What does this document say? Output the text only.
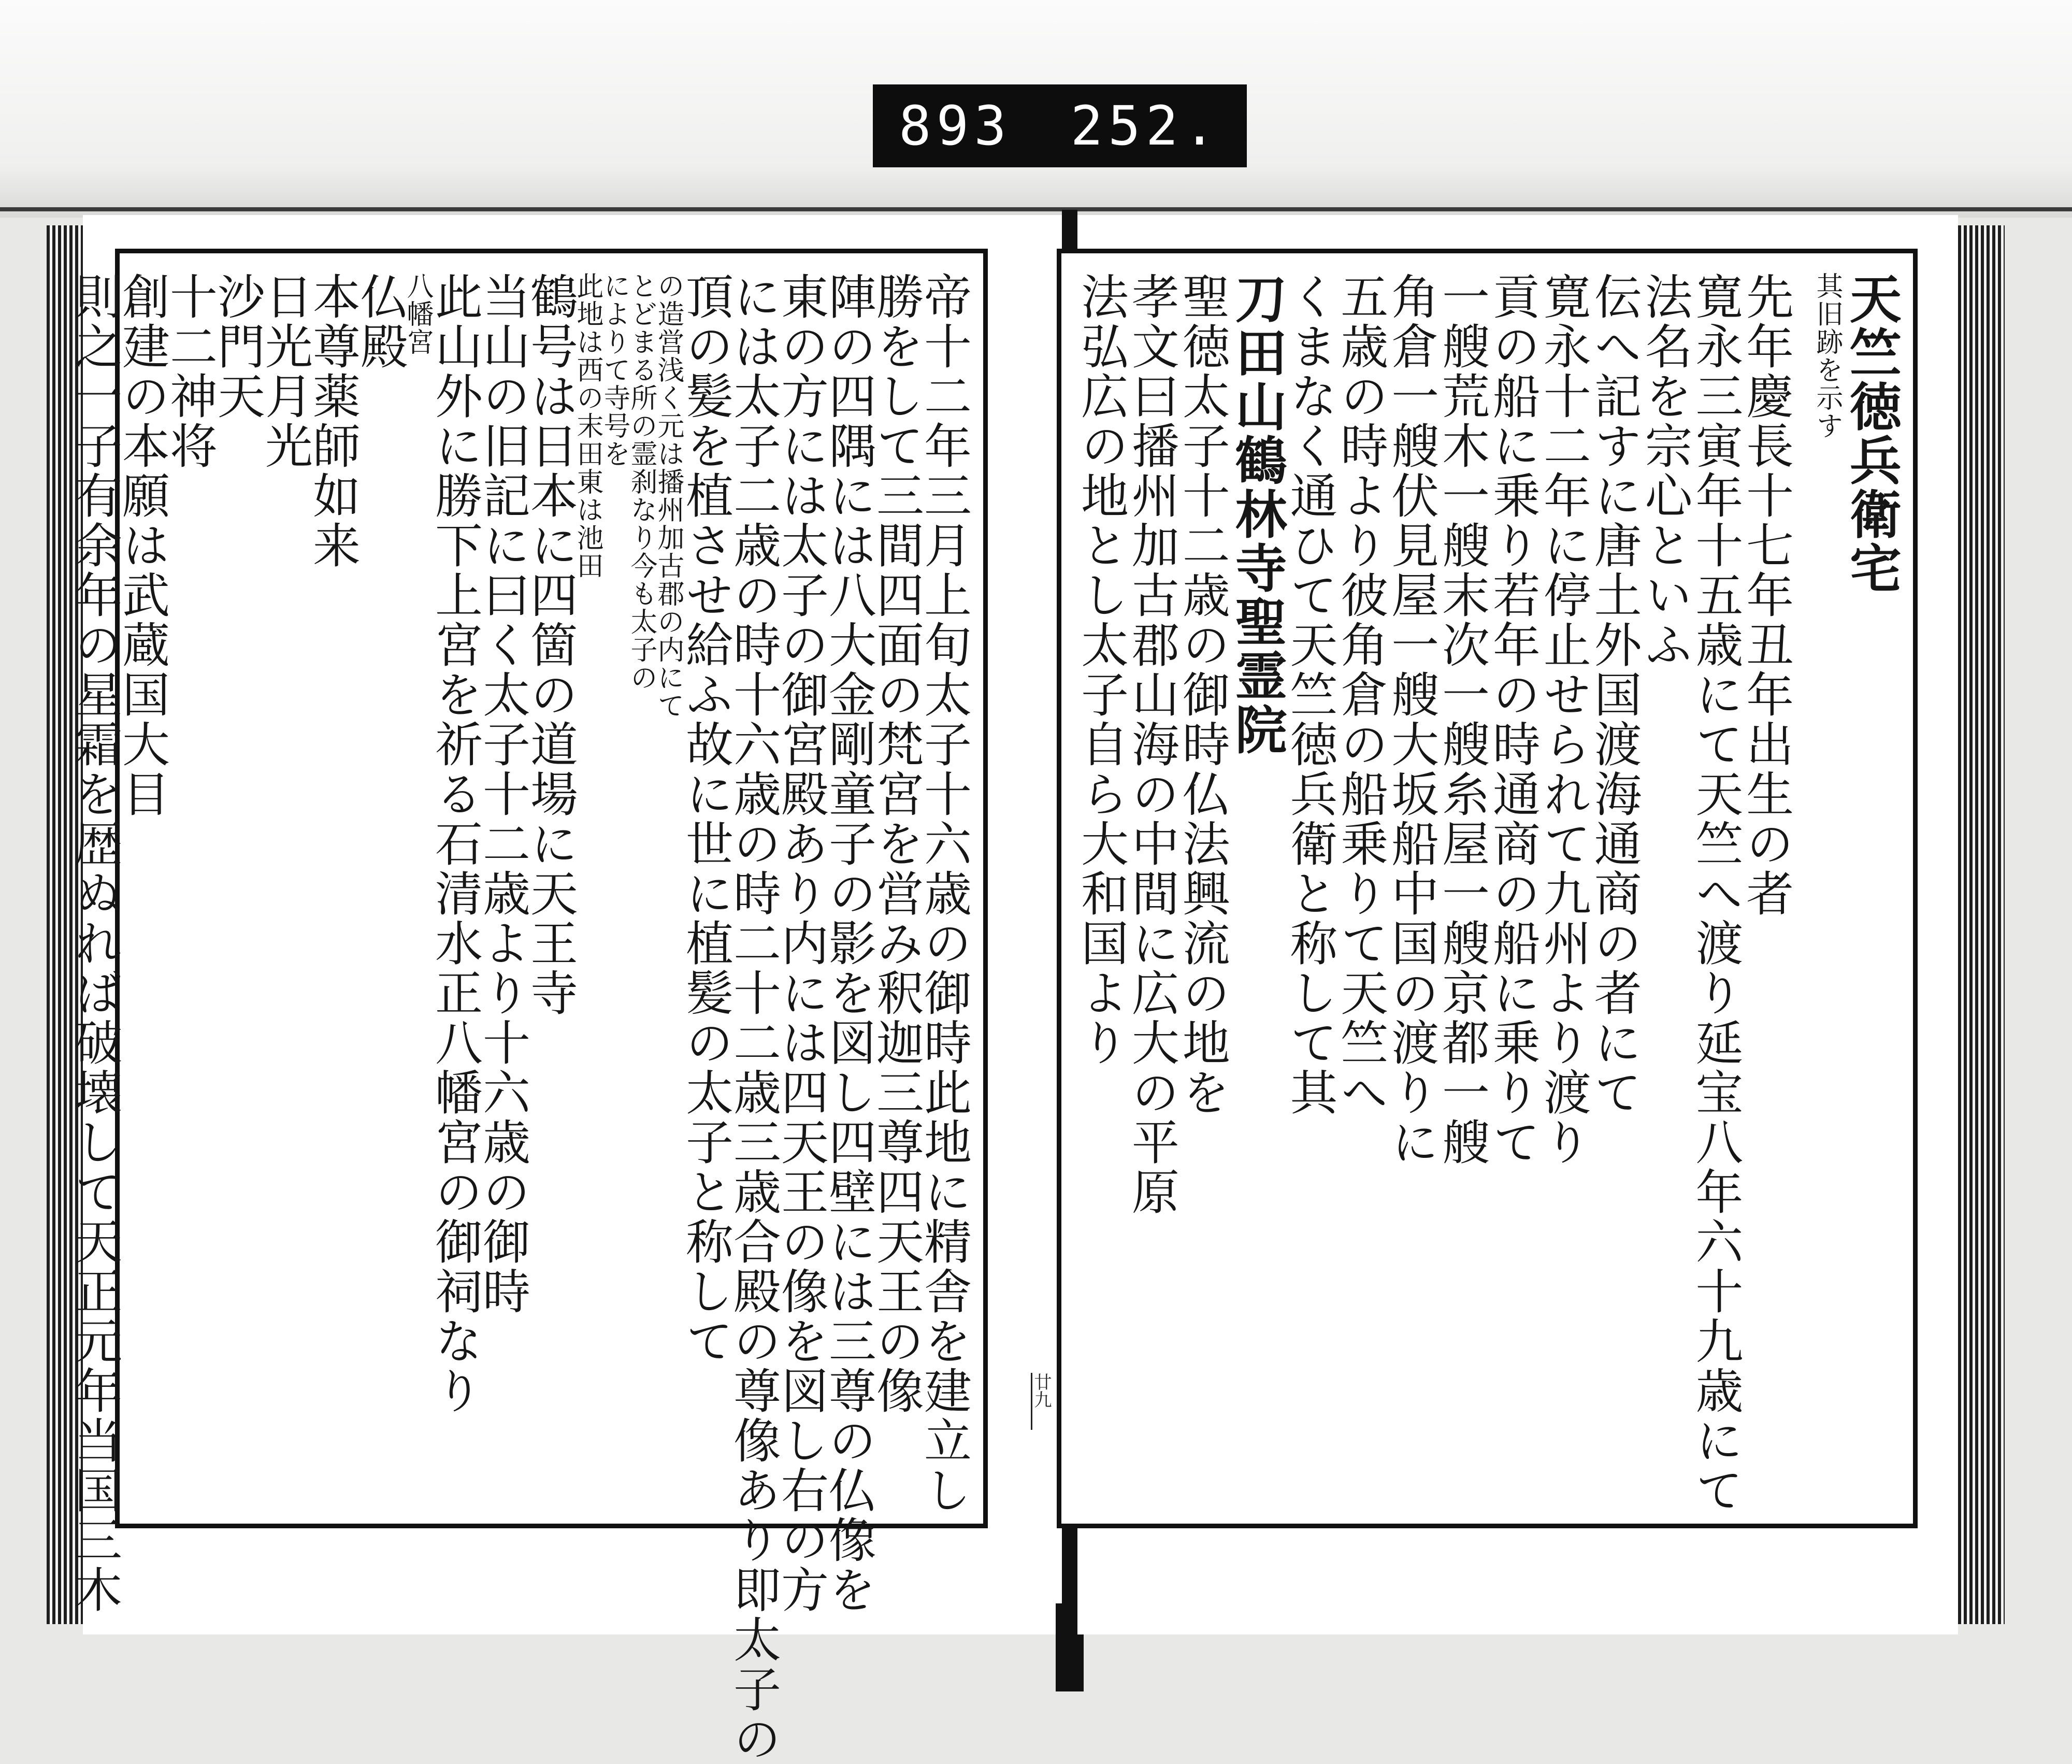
893 252.
帝十二年三月上旬太子十六歳の御時此地に精舎を建立し
勝をして三間四面の梵宮を営み釈迦三尊四天王の像
陣の四隅には八大金剛童子の影を図し四壁には三尊の仏像を
東の方には太子の御宮殿あり内には四天王の像を図し右の方
には太子二歳の時十六歳の時二十二歳三歳合殿の尊像あり即太子の
頂の髪を植させ給ふ故に世に植髪の太子と称して
の造営浅く元は播州加古郡の内にて
とどまる所の霊刹なり今も太子の
によりて寺号を
此地は西の末田東は池田
鶴号は日本に四箇の道場に天王寺
当山の旧記に曰く太子十二歳より十六歳の御時
此山外に勝下上宮を祈る石清水正八幡宮の御祠なり
八幡宮
仏殿
本尊薬師如来
日光月光
沙門天
十二神将
創建の本願は武蔵国大目
則之一子有余年の星霜を歴ぬれば破壊して天正元年当国三木	天竺徳兵衛宅
其旧跡を示す
先年慶長十七年丑年出生の者
寛永三寅年十五歳にて天竺へ渡り延宝八年六十九歳にて
法名を宗心といふ
伝へ記すに唐土外国渡海通商の者にて
寛永十二年に停止せられて九州より渡り
貢の船に乗り若年の時通商の船に乗りて
一艘荒木一艘末次一艘糸屋一艘京都一艘
角倉一艘伏見屋一艘大坂船中国の渡りに
五歳の時より彼角倉の船乗りて天竺へ
くまなく通ひて天竺徳兵衛と称して其
刀田山鶴林寺聖霊院
聖徳太子十二歳の御時仏法興流の地を
孝文曰播州加古郡山海の中間に広大の平原
法弘広の地とし太子自ら大和国より
廿九
